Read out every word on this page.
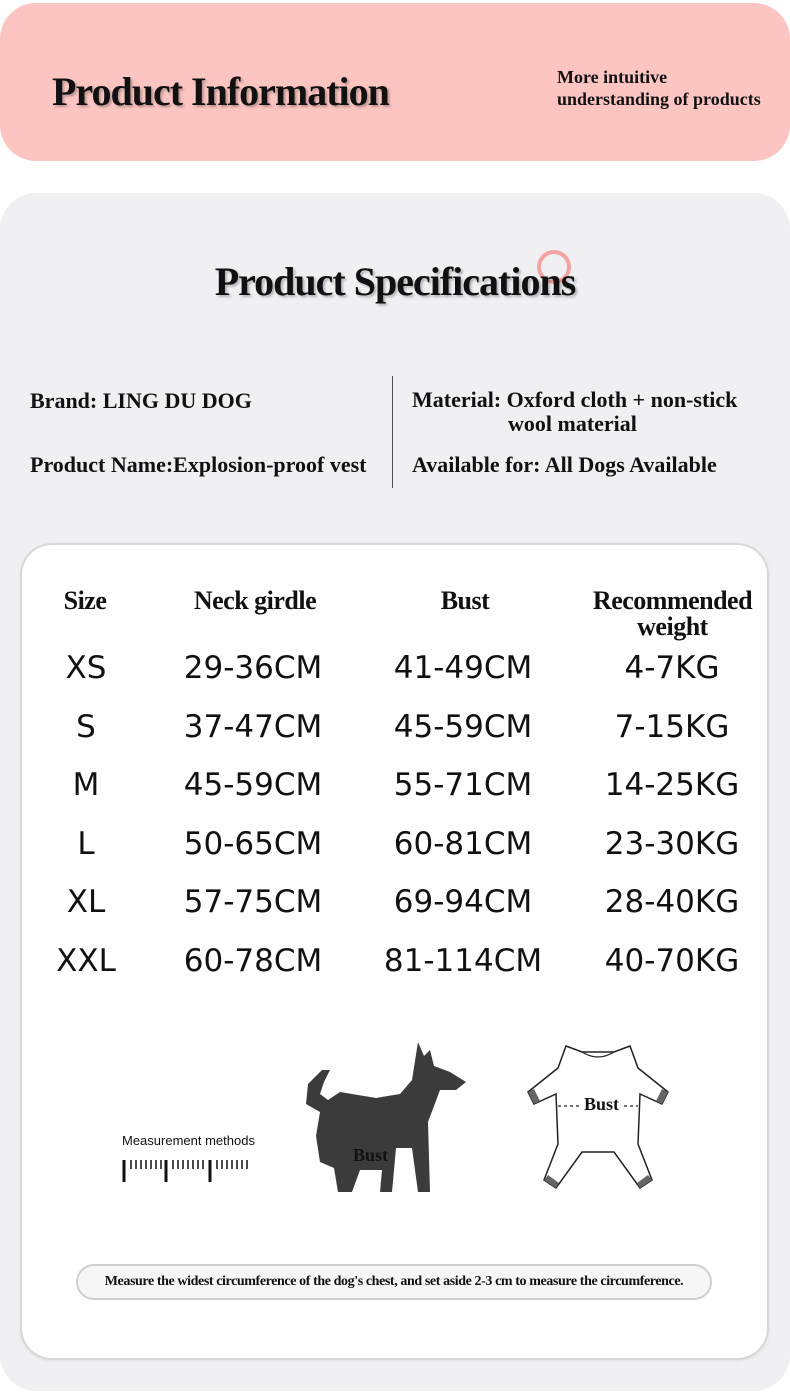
Product Information	More intuitive
understanding of products
Product Specifications
Brand: LING DU DOG
Product Name:Explosion-proof vest
Material: Oxford cloth + non-stick
wool material
Available for: All Dogs Available
Size	Neck girdle	Bust	Recommended
weight
XS	29-36CM	41-49CM	4-7KG
S	37-47CM	45-59CM	7-15KG
M	45-59CM	55-71CM	14-25KG
L	50-65CM	60-81CM	23-30KG
XL	57-75CM	69-94CM	28-40KG
XXL	60-78CM	81-114CM	40-70KG
Measurement methods
Bust
Bust
Measure the widest circumference of the dog's chest, and set aside 2-3 cm to measure the circumference.
